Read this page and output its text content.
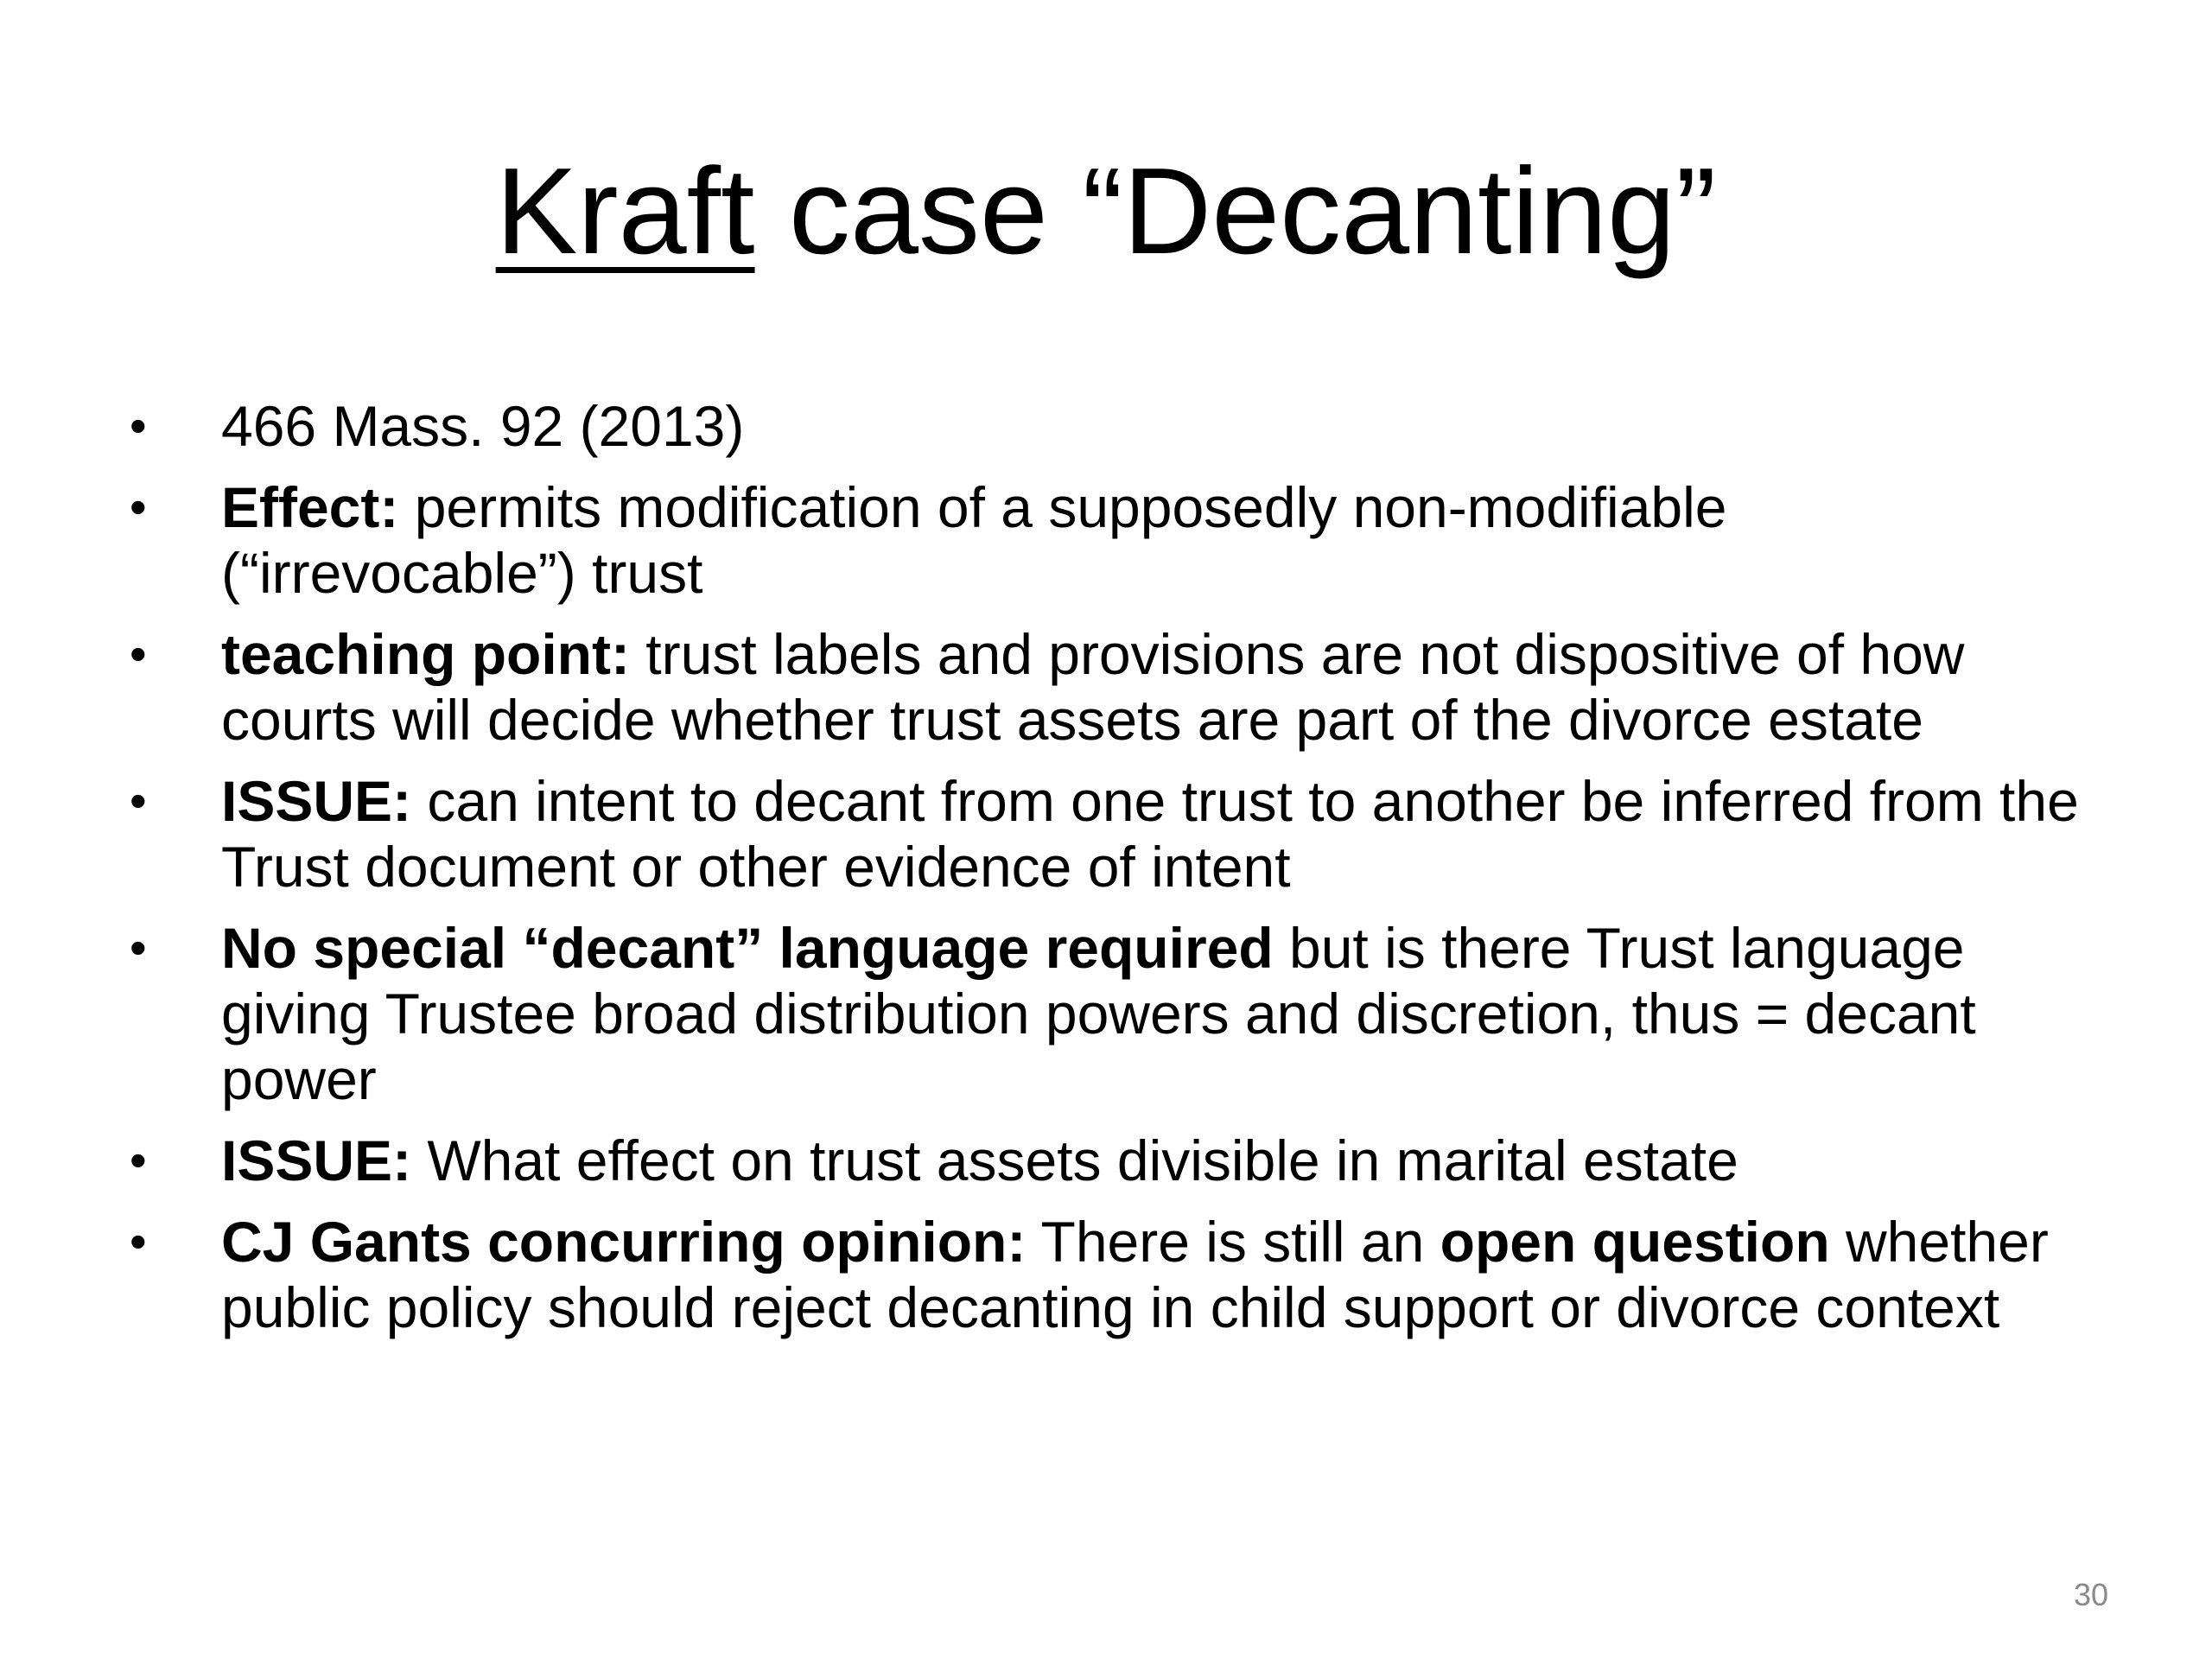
Kraft case “Decanting”
•	466 Mass. 92 (2013)
•	Effect: permits modification of a supposedly non-modifiable (“irrevocable”) trust
•	teaching point: trust labels and provisions are not dispositive of how courts will decide whether trust assets are part of the divorce estate
•	ISSUE: can intent to decant from one trust to another be inferred from the Trust document or other evidence of intent
•	No special “decant” language required but is there Trust language giving Trustee broad distribution powers and discretion, thus = decant power
•	ISSUE: What effect on trust assets divisible in marital estate
•	CJ Gants concurring opinion: There is still an open question whether public policy should reject decanting in child support or divorce context
30
